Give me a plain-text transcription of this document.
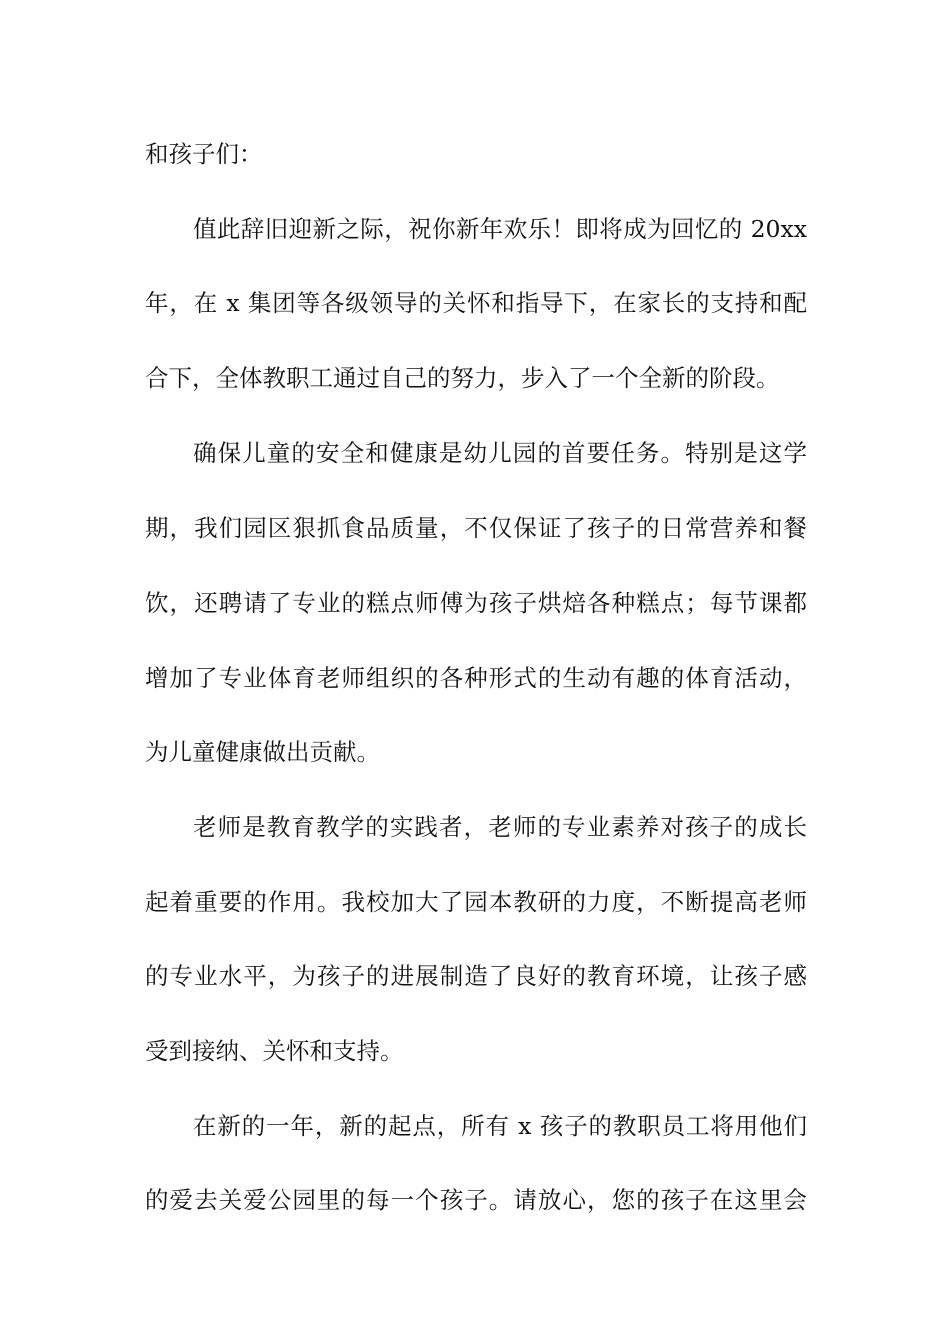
和孩子们：
值此辞旧迎新之际，祝你新年欢乐！即将成为回忆的 20xx
年，在 x 集团等各级领导的关怀和指导下，在家长的支持和配
合下，全体教职工通过自己的努力，步入了一个全新的阶段。
确保儿童的安全和健康是幼儿园的首要任务。特别是这学
期，我们园区狠抓食品质量，不仅保证了孩子的日常营养和餐
饮，还聘请了专业的糕点师傅为孩子烘焙各种糕点；每节课都
增加了专业体育老师组织的各种形式的生动有趣的体育活动，
为儿童健康做出贡献。
老师是教育教学的实践者，老师的专业素养对孩子的成长
起着重要的作用。我校加大了园本教研的力度，不断提高老师
的专业水平，为孩子的进展制造了良好的教育环境，让孩子感
受到接纳、关怀和支持。
在新的一年，新的起点，所有 x 孩子的教职员工将用他们
的爱去关爱公园里的每一个孩子。请放心，您的孩子在这里会
